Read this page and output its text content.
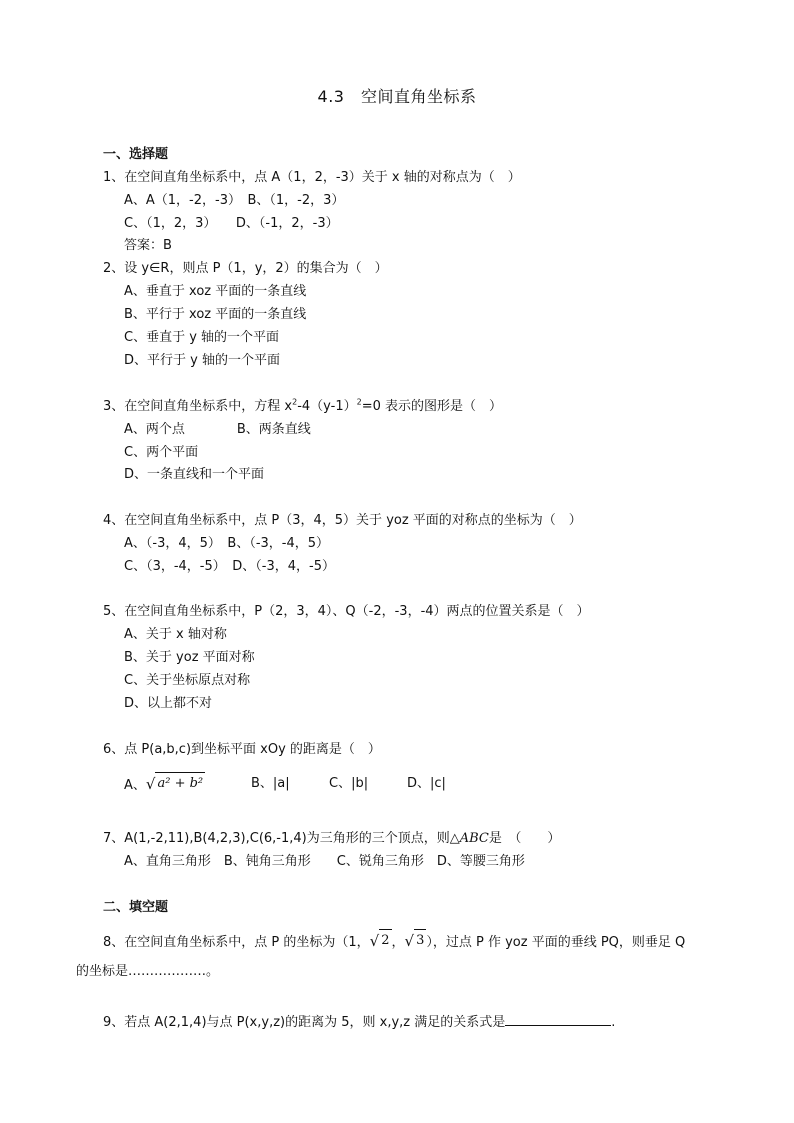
4.3　空间直角坐标系
一、选择题
1、在空间直角坐标系中，点 A（1，2，-3）关于 x 轴的对称点为（　）
A、A（1，-2，-3）　B、（1，-2，3）
C、（1，2，3）　　D、（-1，2，-3）
答案：B
2、设 y∈R，则点 P（1，y，2）的集合为（　）
A、垂直于 xoz 平面的一条直线
B、平行于 xoz 平面的一条直线
C、垂直于 y 轴的一个平面
D、平行于 y 轴的一个平面
3、在空间直角坐标系中，方程 $x^2-4(y-1)^2=0$ 表示的图形是（　）
A、两个点　　　　B、两条直线
C、两个平面
D、一条直线和一个平面
4、在空间直角坐标系中，点 P（3，4，5）关于 yoz 平面的对称点的坐标为（　）
A、（-3，4，5）　B、（-3，-4，5）
C、（3，-4，-5）　D、（-3，4，-5）
5、在空间直角坐标系中，P（2，3，4）、Q（-2，-3，-4）两点的位置关系是（　）
A、关于 x 轴对称
B、关于 yoz 平面对称
C、关于坐标原点对称
D、以上都不对
6、点 P(a,b,c)到坐标平面 xOy 的距离是（　）
A、 √ a² + b²	B、|a|	C、|b|	D、|c|
7、A(1,-2,11),B(4,2,3),C(6,-1,4)为三角形的三个顶点，则△ABC是　（　　）
A、直角三角形　B、钝角三角形　　C、锐角三角形　D、等腰三角形
二、填空题
8、在空间直角坐标系中，点 P 的坐标为（1， √ 2 ， √ 3 ），过点 P 作 yoz 平面的垂线 PQ，则垂足 Q
的坐标是………………。
9、若点 A(2,1,4)与点 P(x,y,z)的距离为 5，则 x,y,z 满足的关系式是	.
